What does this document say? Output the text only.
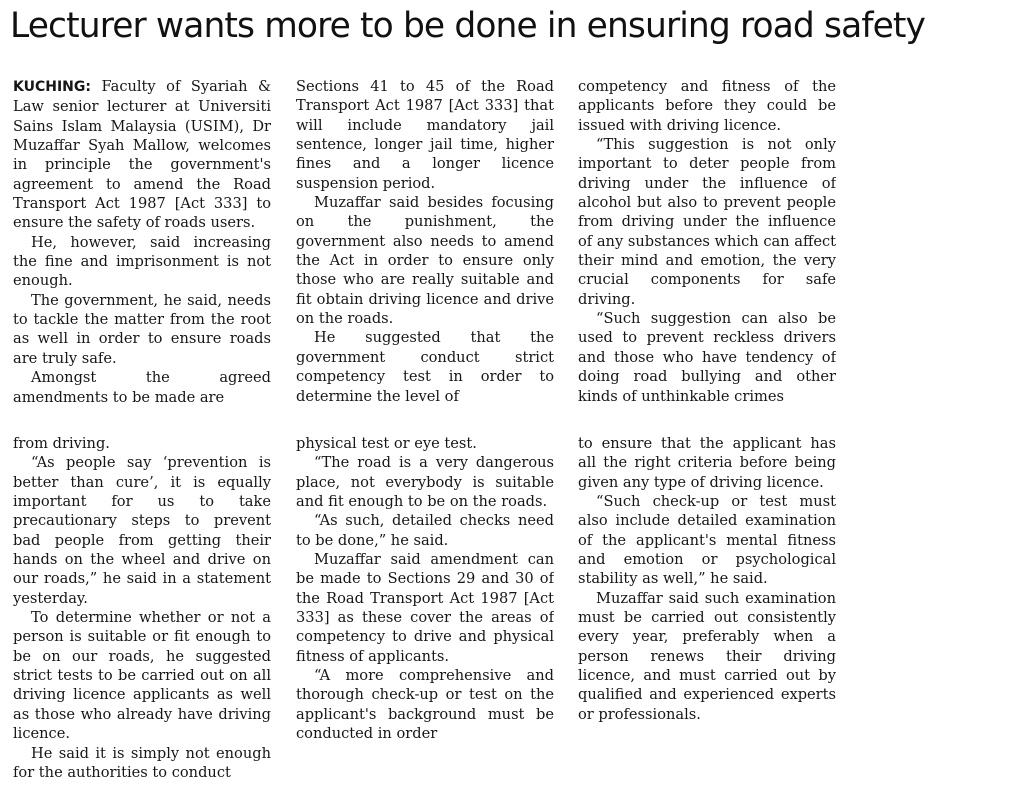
Lecturer wants more to be done in ensuring road safety

KUCHING: Faculty of Syariah & Law senior lecturer at Universiti Sains Islam Malaysia (USIM), Dr Muzaffar Syah Mallow, welcomes in principle the government's agreement to amend the Road Transport Act 1987 [Act 333] to ensure the safety of roads users.

He, however, said increasing the fine and imprisonment is not enough.

The government, he said, needs to tackle the matter from the root as well in order to ensure roads are truly safe.

Amongst the agreed amendments to be made are

Sections 41 to 45 of the Road Transport Act 1987 [Act 333] that will include mandatory jail sentence, longer jail time, higher fines and a longer licence suspension period.

Muzaffar said besides focusing on the punishment, the government also needs to amend the Act in order to ensure only those who are really suitable and fit obtain driving licence and drive on the roads.

He suggested that the government conduct strict competency test in order to determine the level of

competency and fitness of the applicants before they could be issued with driving licence.

“This suggestion is not only important to deter people from driving under the influence of alcohol but also to prevent people from driving under the influence of any substances which can affect their mind and emotion, the very crucial components for safe driving.

“Such suggestion can also be used to prevent reckless drivers and those who have tendency of doing road bullying and other kinds of unthinkable crimes

from driving.

“As people say ‘prevention is better than cure’, it is equally important for us to take precautionary steps to prevent bad people from getting their hands on the wheel and drive on our roads,” he said in a statement yesterday.

To determine whether or not a person is suitable or fit enough to be on our roads, he suggested strict tests to be carried out on all driving licence applicants as well as those who already have driving licence.

He said it is simply not enough for the authorities to conduct

physical test or eye test.

“The road is a very dangerous place, not everybody is suitable and fit enough to be on the roads.

“As such, detailed checks need to be done,” he said.

Muzaffar said amendment can be made to Sections 29 and 30 of the Road Transport Act 1987 [Act 333] as these cover the areas of competency to drive and physical fitness of applicants.

“A more comprehensive and thorough check-up or test on the applicant's background must be conducted in order

to ensure that the applicant has all the right criteria before being given any type of driving licence.

“Such check-up or test must also include detailed examination of the applicant's mental fitness and emotion or psychological stability as well,” he said.

Muzaffar said such examination must be carried out consistently every year, preferably when a person renews their driving licence, and must carried out by qualified and experienced experts or professionals.
